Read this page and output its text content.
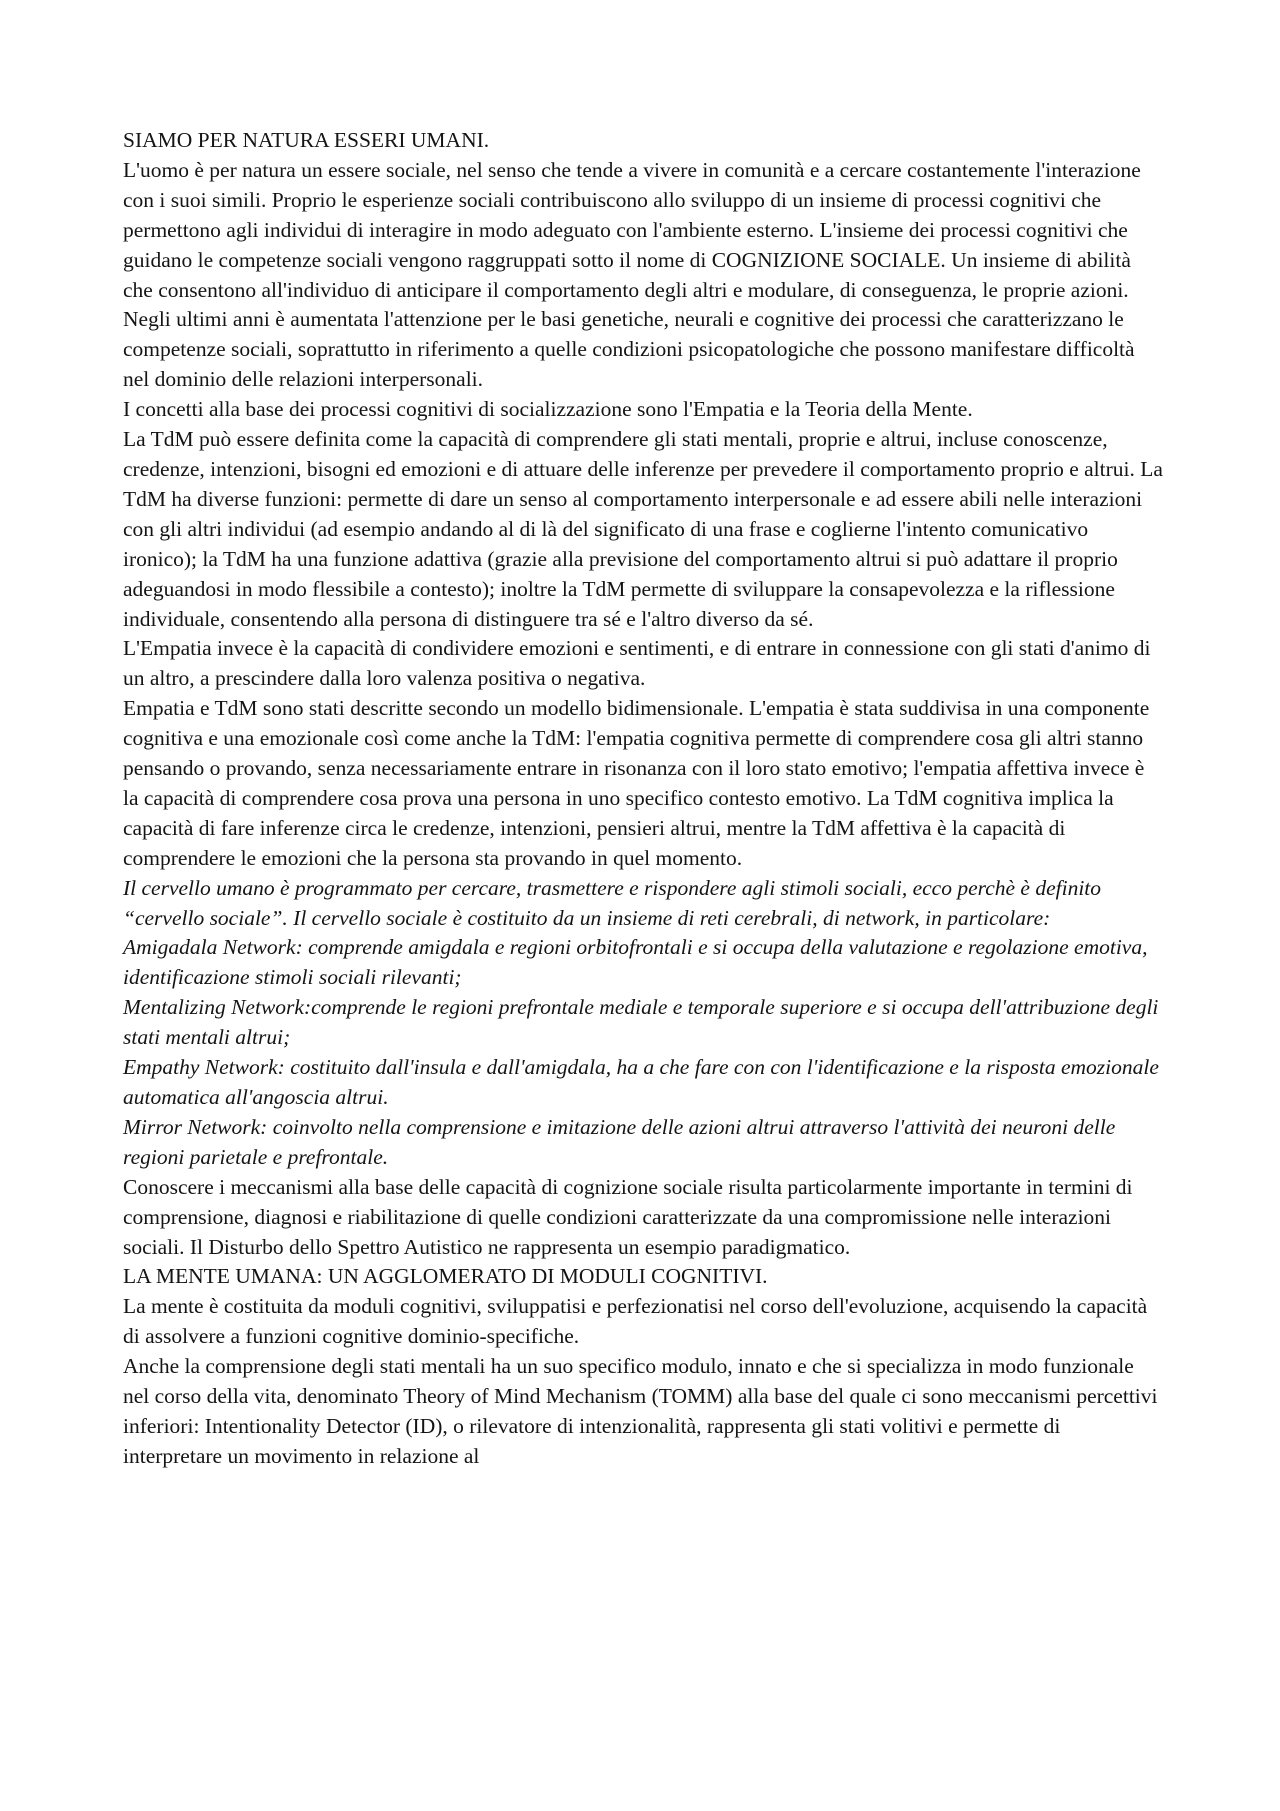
SIAMO PER NATURA ESSERI UMANI.

L'uomo è per natura un essere sociale, nel senso che tende a vivere in comunità e a cercare costantemente l'interazione con i suoi simili. Proprio le esperienze sociali contribuiscono allo sviluppo di un insieme di processi cognitivi che permettono agli individui di interagire in modo adeguato con l'ambiente esterno. L'insieme dei processi cognitivi che guidano le competenze sociali vengono raggruppati sotto il nome di COGNIZIONE SOCIALE. Un insieme di abilità che consentono all'individuo di anticipare il comportamento degli altri e modulare, di conseguenza, le proprie azioni.

Negli ultimi anni è aumentata l'attenzione per le basi genetiche, neurali e cognitive dei processi che caratterizzano le competenze sociali, soprattutto in riferimento a quelle condizioni psicopatologiche che possono manifestare difficoltà nel dominio delle relazioni interpersonali.

I concetti alla base dei processi cognitivi di socializzazione sono l'Empatia e la Teoria della Mente.

La TdM può essere definita come la capacità di comprendere gli stati mentali, proprie e altrui, incluse conoscenze, credenze, intenzioni, bisogni ed emozioni e di attuare delle inferenze per prevedere il comportamento proprio e altrui. La TdM ha diverse funzioni: permette di dare un senso al comportamento interpersonale e ad essere abili nelle interazioni con gli altri individui (ad esempio andando al di là del significato di una frase e coglierne l'intento comunicativo ironico); la TdM ha una funzione adattiva (grazie alla previsione del comportamento altrui si può adattare il proprio adeguandosi in modo flessibile a contesto); inoltre la TdM permette di sviluppare la consapevolezza e la riflessione individuale, consentendo alla persona di distinguere tra sé e l'altro diverso da sé.

L'Empatia invece è la capacità di condividere emozioni e sentimenti, e di entrare in connessione con gli stati d'animo di un altro, a prescindere dalla loro valenza positiva o negativa.

Empatia e TdM sono stati descritte secondo un modello bidimensionale. L'empatia è stata suddivisa in una componente cognitiva e una emozionale così come anche la TdM: l'empatia cognitiva permette di comprendere cosa gli altri stanno pensando o provando, senza necessariamente entrare in risonanza con il loro stato emotivo; l'empatia affettiva invece è la capacità di comprendere cosa prova una persona in uno specifico contesto emotivo. La TdM cognitiva implica la capacità di fare inferenze circa le credenze, intenzioni, pensieri altrui, mentre la TdM affettiva è la capacità di comprendere le emozioni che la persona sta provando in quel momento.

Il cervello umano è programmato per cercare, trasmettere e rispondere agli stimoli sociali, ecco perchè è definito “cervello sociale”. Il cervello sociale è costituito da un insieme di reti cerebrali, di network, in particolare:

Amigadala Network: comprende amigdala e regioni orbitofrontali e si occupa della valutazione e regolazione emotiva, identificazione stimoli sociali rilevanti;

Mentalizing Network:comprende le regioni prefrontale mediale e temporale superiore e si occupa dell'attribuzione degli stati mentali altrui;

Empathy Network: costituito dall'insula e dall'amigdala, ha a che fare con con l'identificazione e la risposta emozionale automatica all'angoscia altrui.

Mirror Network: coinvolto nella comprensione e imitazione delle azioni altrui attraverso l'attività dei neuroni delle regioni parietale e prefrontale.

Conoscere i meccanismi alla base delle capacità di cognizione sociale risulta particolarmente importante in termini di comprensione, diagnosi e riabilitazione di quelle condizioni caratterizzate da una compromissione nelle interazioni sociali. Il Disturbo dello Spettro Autistico ne rappresenta un esempio paradigmatico.

LA MENTE UMANA: UN AGGLOMERATO DI MODULI COGNITIVI.

La mente è costituita da moduli cognitivi, sviluppatisi e perfezionatisi nel corso dell'evoluzione, acquisendo la capacità di assolvere a funzioni cognitive dominio-specifiche.

Anche la comprensione degli stati mentali ha un suo specifico modulo, innato e che si specializza in modo funzionale nel corso della vita, denominato Theory of Mind Mechanism (TOMM) alla base del quale ci sono meccanismi percettivi inferiori: Intentionality Detector (ID), o rilevatore di intenzionalità, rappresenta gli stati volitivi e permette di interpretare un movimento in relazione al
